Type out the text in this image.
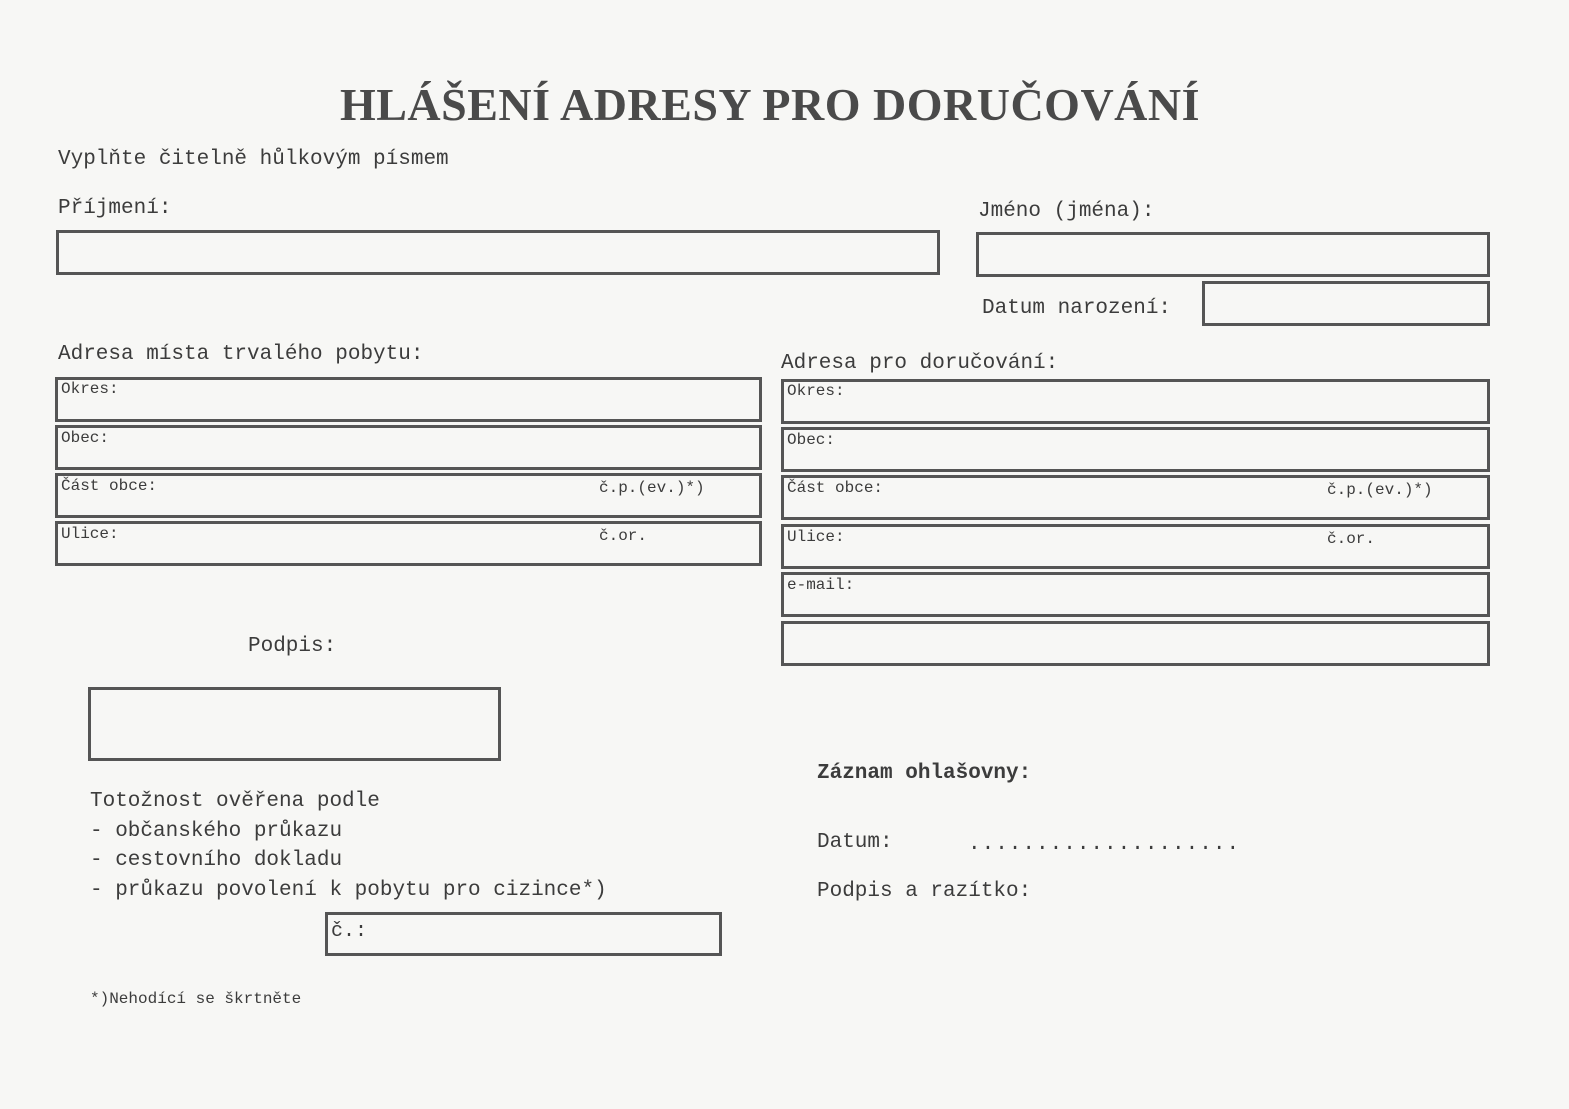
HLÁŠENÍ ADRESY PRO DORUČOVÁNÍ
Vyplňte čitelně hůlkovým písmem
Příjmení:	Jméno (jména):
Datum narození:
Adresa místa trvalého pobytu:
Okres:
Obec:
Část obce:	č.p.(ev.)*)
Ulice:	č.or.
Adresa pro doručování:
Okres:
Obec:
Část obce:	č.p.(ev.)*)
Ulice:	č.or.
e-mail:
Podpis:
Totožnost ověřena podle
- občanského průkazu
- cestovního dokladu
- průkazu povolení k pobytu pro cizince*)
č.:
*)Nehodící se škrtněte
Záznam ohlašovny:
Datum:	....................
Podpis a razítko:
